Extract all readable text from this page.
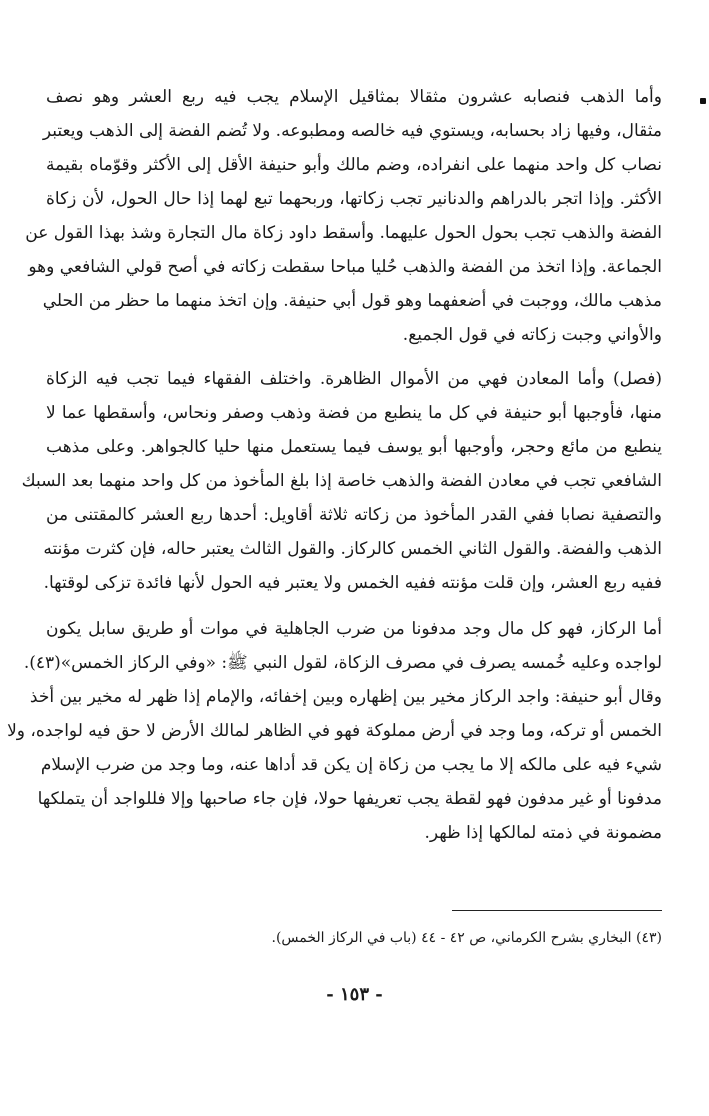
وأما الذهب فنصابه عشرون مثقالا بمثاقيل الإسلام يجب فيه ربع العشر وهو نصف
مثقال، وفيها زاد بحسابه، ويستوي فيه خالصه ومطبوعه. ولا تُضم الفضة إلى الذهب ويعتبر
نصاب كل واحد منهما على انفراده، وضم مالك وأبو حنيفة الأقل إلى الأكثر وقوّماه بقيمة
الأكثر. وإذا اتجر بالدراهم والدنانير تجب زكاتها، وربحهما تبع لهما إذا حال الحول، لأن زكاة
الفضة والذهب تجب بحول الحول عليهما. وأسقط داود زكاة مال التجارة وشذ بهذا القول عن
الجماعة. وإذا اتخذ من الفضة والذهب حُليا مباحا سقطت زكاته في أصح قولي الشافعي وهو
مذهب مالك، ووجبت في أضعفهما وهو قول أبي حنيفة. وإن اتخذ منهما ما حظر من الحلي
والأواني وجبت زكاته في قول الجميع.
(فصل) وأما المعادن فهي من الأموال الظاهرة. واختلف الفقهاء فيما تجب فيه الزكاة
منها، فأوجبها أبو حنيفة في كل ما ينطبع من فضة وذهب وصفر ونحاس، وأسقطها عما لا
ينطبع من مائع وحجر، وأوجبها أبو يوسف فيما يستعمل منها حليا كالجواهر. وعلى مذهب
الشافعي تجب في معادن الفضة والذهب خاصة إذا بلغ المأخوذ من كل واحد منهما بعد السبك
والتصفية نصابا ففي القدر المأخوذ من زكاته ثلاثة أقاويل: أحدها ربع العشر كالمقتنى من
الذهب والفضة. والقول الثاني الخمس كالركاز. والقول الثالث يعتبر حاله، فإن كثرت مؤنته
ففيه ربع العشر، وإن قلت مؤنته ففيه الخمس ولا يعتبر فيه الحول لأنها فائدة تزكى لوقتها.
أما الركاز، فهو كل مال وجد مدفونا من ضرب الجاهلية في موات أو طريق سابل يكون
لواجده وعليه خُمسه يصرف في مصرف الزكاة، لقول النبي ﷺ: «وفي الركاز الخمس»(٤٣).
وقال أبو حنيفة: واجد الركاز مخير بين إظهاره وبين إخفائه، والإمام إذا ظهر له مخير بين أخذ
الخمس أو تركه، وما وجد في أرض مملوكة فهو في الظاهر لمالك الأرض لا حق فيه لواجده، ولا
شيء فيه على مالكه إلا ما يجب من زكاة إن يكن قد أداها عنه، وما وجد من ضرب الإسلام
مدفونا أو غير مدفون فهو لقطة يجب تعريفها حولا، فإن جاء صاحبها وإلا فللواجد أن يتملكها
مضمونة في ذمته لمالكها إذا ظهر.
(٤٣) البخاري بشرح الكرماني، ص ٤٢ - ٤٤ (باب في الركاز الخمس).
- ١٥٣ -
